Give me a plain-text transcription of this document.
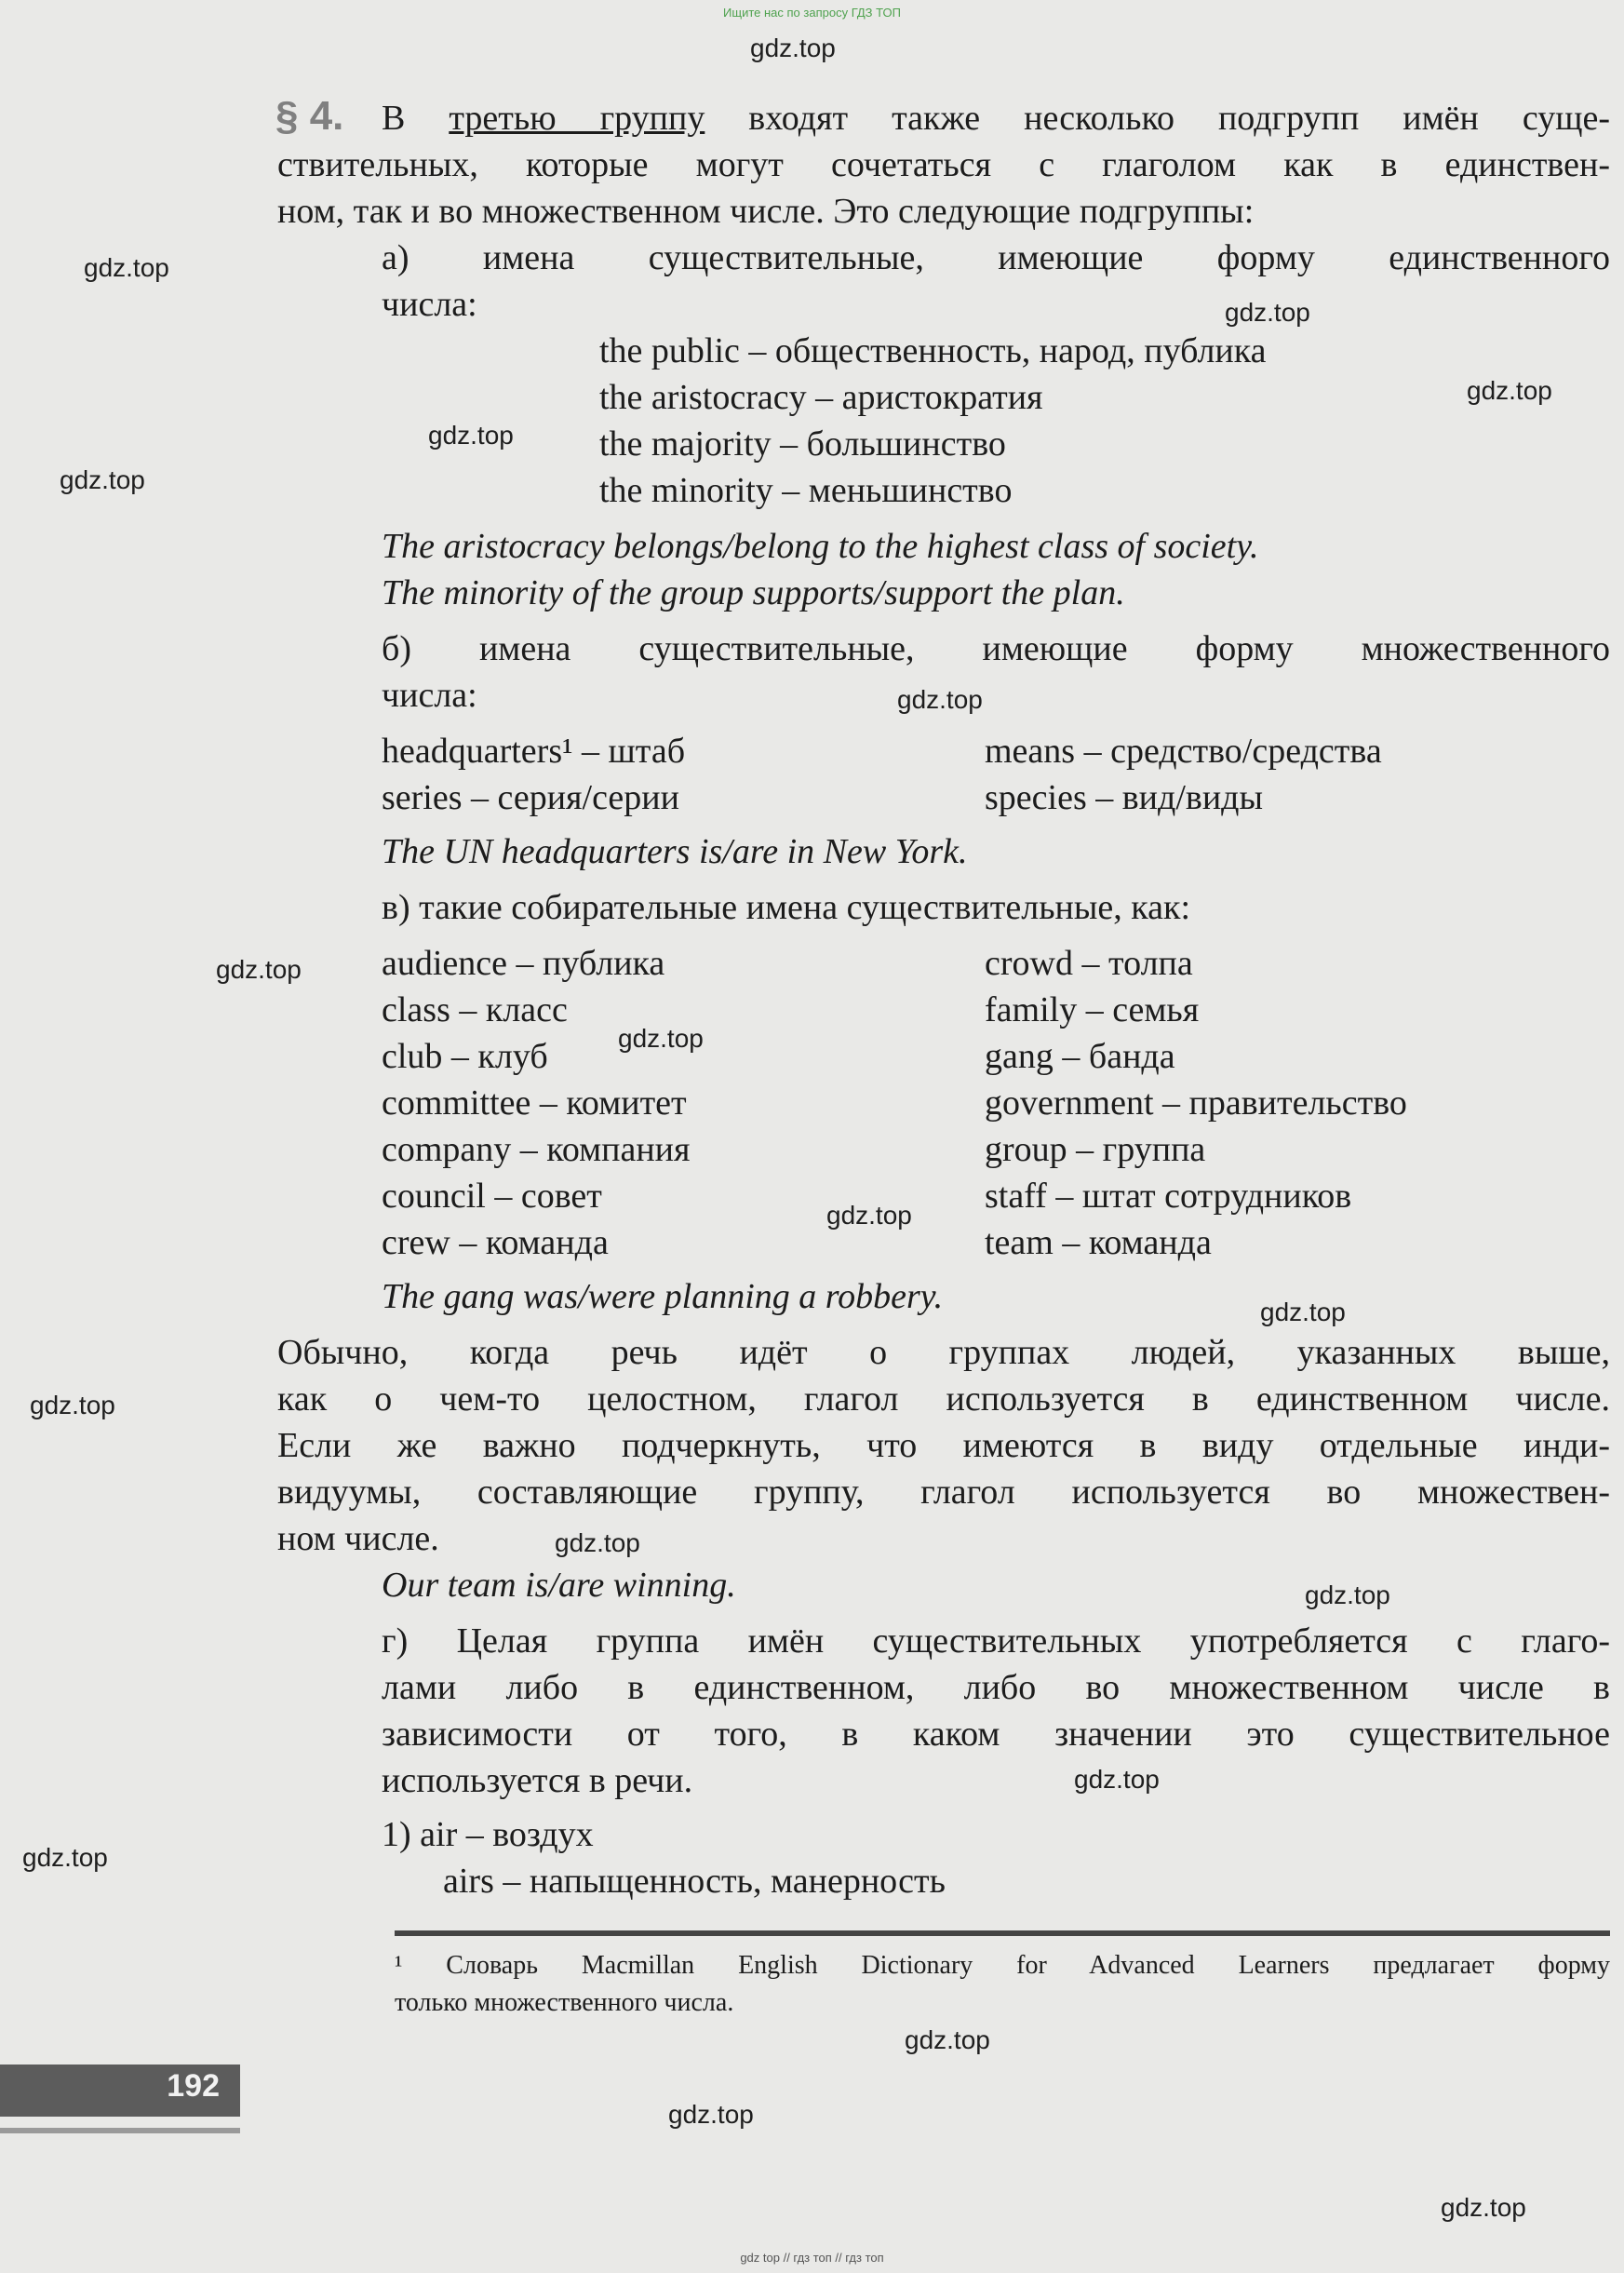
Ищите нас по запросу ГДЗ ТОП
gdz.top
gdz.top
gdz.top
gdz.top
gdz.top
gdz.top
gdz.top
gdz.top
gdz.top
gdz.top
gdz.top
gdz.top
gdz.top
gdz.top
gdz.top
gdz.top
gdz.top
gdz.top
gdz.top
§ 4. В третью группу входят также несколько подгрупп имён суще-
ствительных, которые могут сочетаться с глаголом как в единствен-
ном, так и во множественном числе. Это следующие подгруппы:
а) имена существительные, имеющие форму единственного
числа:
the public – общественность, народ, публика
the aristocracy – аристократия
the majority – большинство
the minority – меньшинство
The aristocracy belongs/belong to the highest class of society.
The minority of the group supports/support the plan.
б) имена существительные, имеющие форму множественного
числа:
headquarters¹ – штаб
series – серия/серии
means – средство/средства
species – вид/виды
The UN headquarters is/are in New York.
в) такие собирательные имена существительные, как:
audience – публика
class – класс
club – клуб
committee – комитет
company – компания
council – совет
crew – команда
crowd – толпа
family – семья
gang – банда
government – правительство
group – группа
staff – штат сотрудников
team – команда
The gang was/were planning a robbery.
Обычно, когда речь идёт о группах людей, указанных выше,
как о чем-то целостном, глагол используется в единственном числе.
Если же важно подчеркнуть, что имеются в виду отдельные инди-
видуумы, составляющие группу, глагол используется во множествен-
ном числе.
Our team is/are winning.
г) Целая группа имён существительных употребляется с глаго-
лами либо в единственном, либо во множественном числе в
зависимости от того, в каком значении это существительное
используется в речи.
1) air – воздух
airs – напыщенность, манерность
¹ Словарь Macmillan English Dictionary for Advanced Learners предлагает форму
только множественного числа.
192
gdz top // гдз топ // гдз топ
